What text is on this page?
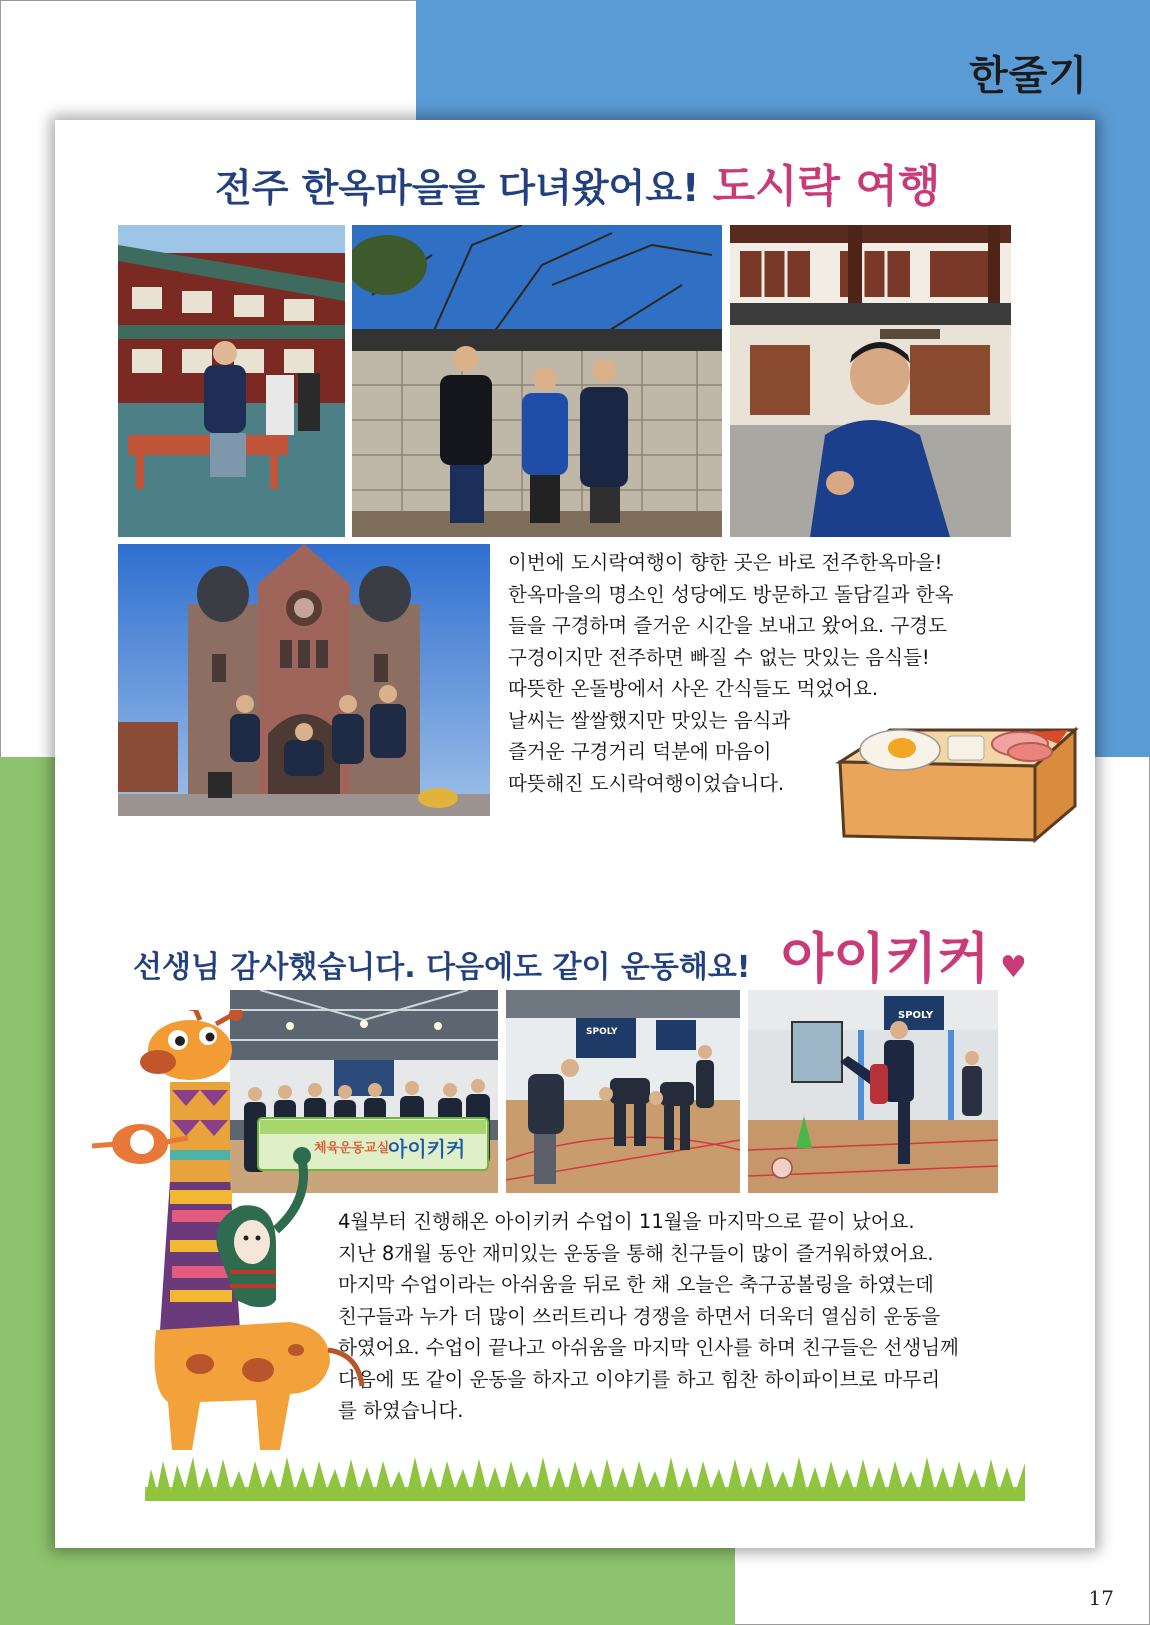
한줄기
17
전주 한옥마을을 다녀왔어요! 도시락 여행

이번에 도시락여행이 향한 곳은 바로 전주한옥마을!

한옥마을의 명소인 성당에도 방문하고 돌담길과 한옥

들을 구경하며 즐거운 시간을 보내고 왔어요. 구경도

구경이지만 전주하면 빠질 수 없는 맛있는 음식들!

따뜻한 온돌방에서 사온 간식들도 먹었어요.

날씨는 쌀쌀했지만 맛있는 음식과

즐거운 구경거리 덕분에 마음이

따뜻해진 도시락여행이었습니다.

선생님 감사했습니다. 다음에도 같이 운동해요! 아이키커 ♥
체육운동교실
아이키커
SPOLY
SPOLY

4월부터 진행해온 아이키커 수업이 11월을 마지막으로 끝이 났어요.

지난 8개월 동안 재미있는 운동을 통해 친구들이 많이 즐거워하였어요.

마지막 수업이라는 아쉬움을 뒤로 한 채 오늘은 축구공볼링을 하였는데

친구들과 누가 더 많이 쓰러트리나 경쟁을 하면서 더욱더 열심히 운동을

하였어요. 수업이 끝나고 아쉬움을 마지막 인사를 하며 친구들은 선생님께

다음에 또 같이 운동을 하자고 이야기를 하고 힘찬 하이파이브로 마무리

를 하였습니다.
